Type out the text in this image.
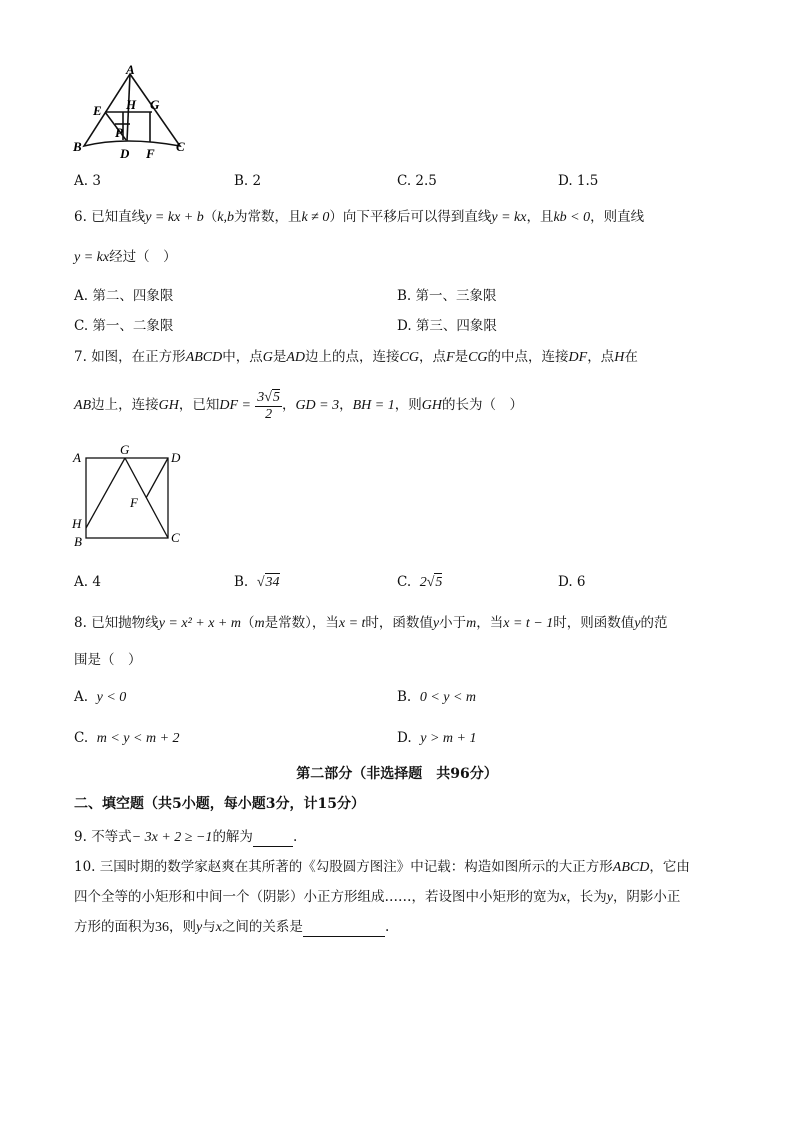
A
E H G
P
B	D F C
A. 3	B. 2	C. 2.5	D. 1.5
6. 已知直线y = kx + b（k,b为常数，且k ≠ 0）向下平移后可以得到直线y = kx，且kb < 0，则直线
y = kx经过（　）
A. 第二、四象限	B. 第一、三象限
C. 第一、二象限	D. 第三、四象限
7. 如图，在正方形ABCD中，点G是AD边上的点，连接CG，点F是CG的中点，连接DF，点H在
AB边上，连接GH，已知DF = $\frac{3√5}{2}$ ，GD = 3，BH = 1，则GH的长为（　）
A
G
D
F
H
B	C
A. 4	B. √34	C. 2√5	D. 6
8. 已知抛物线y = x² + x + m（m是常数），当x = t时，函数值y小于m，当x = t − 1时，则函数值y的范
围是（　）
A. y < 0	B. 0 < y < m
C. m < y < m + 2	D. y > m + 1
第二部分（非选择题　共96分）
二、填空题（共5小题，每小题3分，计15分）
9. 不等式− 3x + 2 ≥ −1的解为	.
10. 三国时期的数学家赵爽在其所著的《勾股圆方图注》中记载：构造如图所示的大正方形ABCD，它由
四个全等的小矩形和中间一个（阴影）小正方形组成……，若设图中小矩形的宽为x，长为y，阴影小正
方形的面积为36，则y与x之间的关系是	.
